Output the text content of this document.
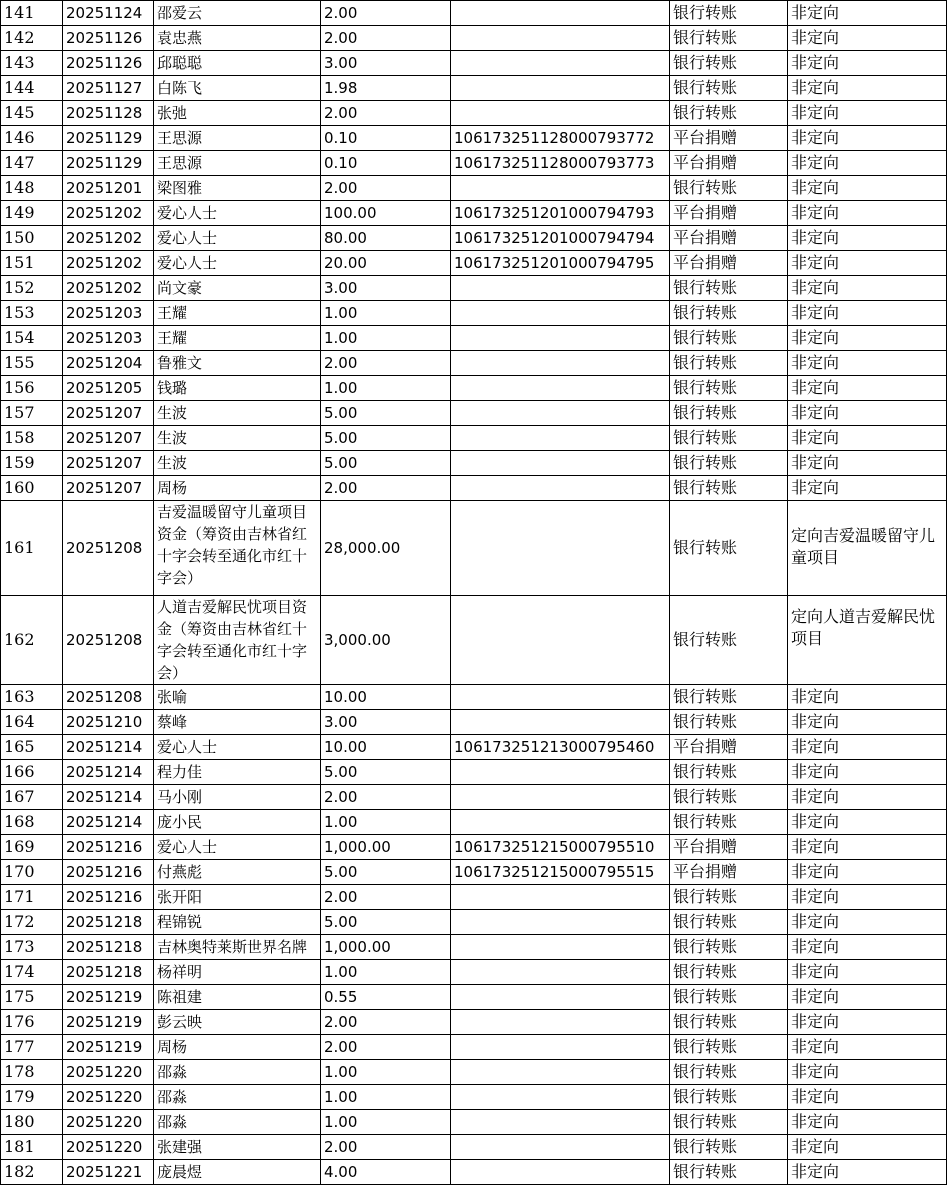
141	20251124	邵爱云	2.00		银行转账	非定向
142	20251126	袁忠燕	2.00		银行转账	非定向
143	20251126	邱聪聪	3.00		银行转账	非定向
144	20251127	白陈飞	1.98		银行转账	非定向
145	20251128	张弛	2.00		银行转账	非定向
146	20251129	王思源	0.10	10617325112800079377​2	平台捐赠	非定向
147	20251129	王思源	0.10	106173251128000793773	平台捐赠	非定向
148	20251201	梁图雅	2.00		银行转账	非定向
149	20251202	爱心人士	100.00	106173251201000794793	平台捐赠	非定向
150	20251202	爱心人士	80.00	106173251201000794794	平台捐赠	非定向
151	20251202	爱心人士	20.00	106173251201000794795	平台捐赠	非定向
152	20251202	尚文豪	3.00		银行转账	非定向
153	20251203	王耀	1.00		银行转账	非定向
154	20251203	王耀	1.00		银行转账	非定向
155	20251204	鲁雅文	2.00		银行转账	非定向
156	20251205	钱璐	1.00		银行转账	非定向
157	20251207	生波	5.00		银行转账	非定向
158	20251207	生波	5.00		银行转账	非定向
159	20251207	生波	5.00		银行转账	非定向
160	20251207	周杨	2.00		银行转账	非定向
161	20251208	吉爱温暖留守儿童项目资金（筹资由吉林省红十字会转至通化市红十字会）	28,000.00		银行转账	定向吉爱温暖留守儿童项目
162	20251208	人道吉爱解民忧项目资金（筹资由吉林省红十字会转至通化市红十字会）	3,000.00		银行转账	定向人道吉爱解民忧项目
163	20251208	张喻	10.00		银行转账	非定向
164	20251210	蔡峰	3.00		银行转账	非定向
165	20251214	爱心人士	10.00	106173251213000795460	平台捐赠	非定向
166	20251214	程力佳	5.00		银行转账	非定向
167	20251214	马小刚	2.00		银行转账	非定向
168	20251214	庞小民	1.00		银行转账	非定向
169	20251216	爱心人士	1,000.00	106173251215000795510	平台捐赠	非定向
170	20251216	付燕彪	5.00	106173251215000795515	平台捐赠	非定向
171	20251216	张开阳	2.00		银行转账	非定向
172	20251218	程锦锐	5.00		银行转账	非定向
173	20251218	吉林奥特莱斯世界名牌	1,000.00		银行转账	非定向
174	20251218	杨祥明	1.00		银行转账	非定向
175	20251219	陈祖建	0.55		银行转账	非定向
176	20251219	彭云映	2.00		银行转账	非定向
177	20251219	周杨	2.00		银行转账	非定向
178	20251220	邵淼	1.00		银行转账	非定向
179	20251220	邵淼	1.00		银行转账	非定向
180	20251220	邵淼	1.00		银行转账	非定向
181	20251220	张建强	2.00		银行转账	非定向
182	20251221	庞晨煜	4.00		银行转账	非定向
